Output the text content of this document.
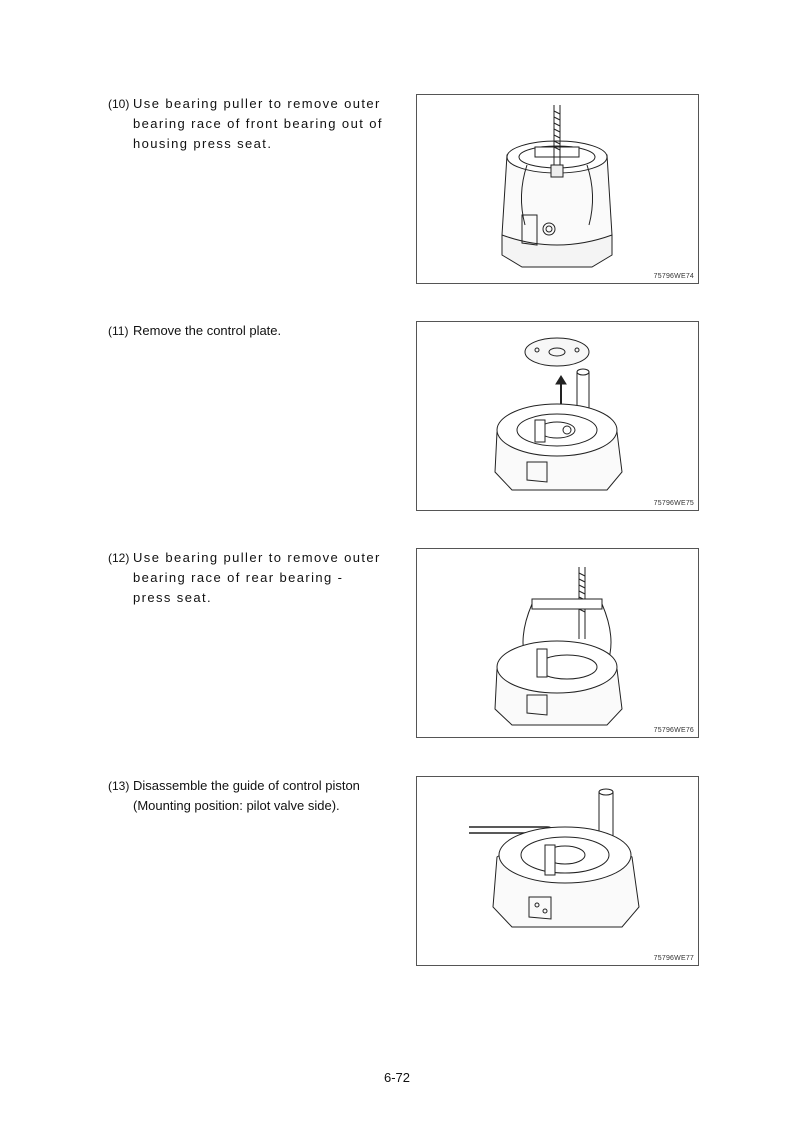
(10) Use bearing puller to remove outer bearing race of front bearing out of housing press seat.
75796WE74
(11) Remove the control plate.
75796WE75
(12) Use bearing puller to remove outer bearing race of rear bearing - press seat.
75796WE76
(13) Disassemble the guide of control piston (Mounting position: pilot valve side).
75796WE77
6-72
